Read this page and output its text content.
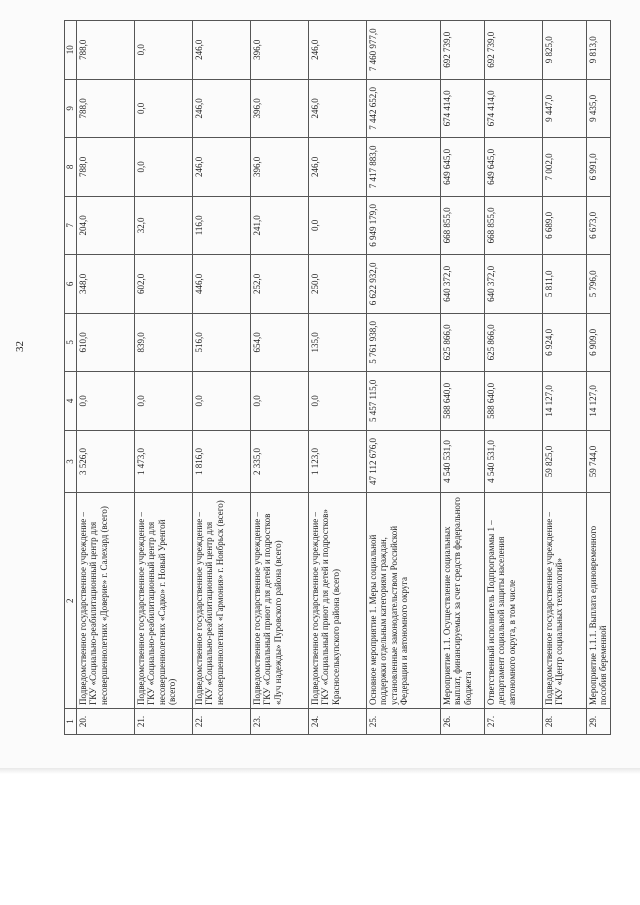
32
1	2	3	4	5	6	7	8	9	10
20.	Подведомственное государственное учреждение – ГКУ «Социально-реабилитационный центр для несовершеннолетних «Доверие» г. Салехард (всего)	3 526,0	0,0	610,0	348,0	204,0	788,0	788,0	788,0
21.	Подведомственное государственное учреждение – ГКУ «Социально-реабилитационный центр для несовершеннолетних «Садко» г. Новый Уренгой (всего)	1 473,0	0,0	839,0	602,0	32,0	0,0	0,0	0,0
22.	Подведомственное государственное учреждение – ГКУ «Социально-реабилитационный центр для несовершеннолетних «Гармония» г. Ноябрьск (всего)	1 816,0	0,0	516,0	446,0	116,0	246,0	246,0	246,0
23.	Подведомственное государственное учреждение – ГКУ «Социальный приют для детей и подростков «Луч надежды» Пуровского района (всего)	2 335,0	0,0	654,0	252,0	241,0	396,0	396,0	396,0
24.	Подведомственное государственное учреждение – ГКУ «Социальный приют для детей и подростков» Красноселькупского района (всего)	1 123,0	0,0	135,0	250,0	0,0	246,0	246,0	246,0
25.	Основное мероприятие 1. Меры социальной поддержки отдельным категориям граждан, установленные законодательством Российской Федерации и автономного округа	47 112 676,0	5 457 115,0	5 761 938,0	6 622 932,0	6 949 179,0	7 417 883,0	7 442 652,0	7 460 977,0
26.	Мероприятие 1.1. Осуществление социальных выплат, финансируемых за счет средств федерального бюджета	4 540 531,0	588 640,0	625 866,0	640 372,0	668 855,0	649 645,0	674 414,0	692 739,0
27.	Ответственный исполнитель Подпрограммы 1 – департамент социальной защиты населения автономного округа, в том числе	4 540 531,0	588 640,0	625 866,0	640 372,0	668 855,0	649 645,0	674 414,0	692 739,0
28.	Подведомственное государственное учреждение – ГКУ «Центр социальных технологий»	59 825,0	14 127,0	6 924,0	5 811,0	6 689,0	7 002,0	9 447,0	9 825,0
29.	Мероприятие 1.1.1. Выплата единовременного пособия беременной	59 744,0	14 127,0	6 909,0	5 796,0	6 673,0	6 991,0	9 435,0	9 813,0
